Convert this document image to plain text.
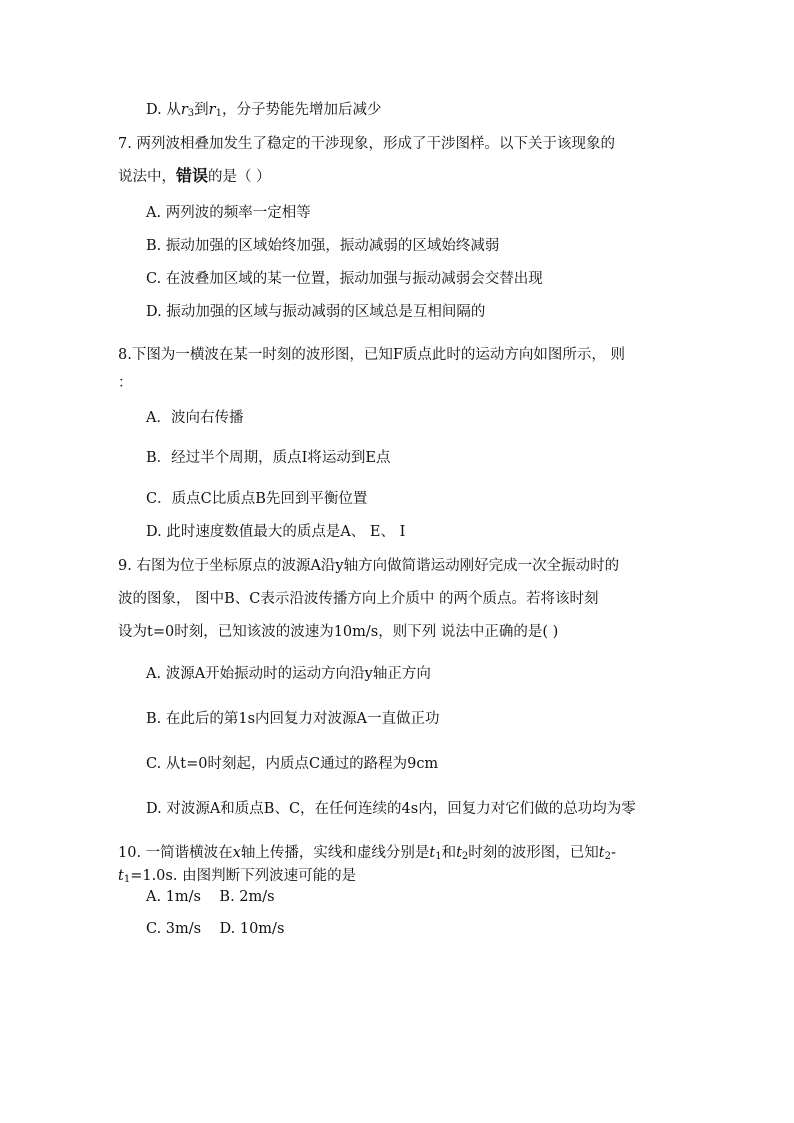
D. 从$r_3$到$r_1$，分子势能先增加后减少
7. 两列波相叠加发生了稳定的干涉现象，形成了干涉图样。以下关于该现象的
说法中，错误的是（ ）
A. 两列波的频率一定相等
B. 振动加强的区域始终加强，振动减弱的区域始终减弱
C. 在波叠加区域的某一位置，振动加强与振动减弱会交替出现
D. 振动加强的区域与振动减弱的区域总是互相间隔的
8.下图为一横波在某一时刻的波形图，已知F质点此时的运动方向如图所示， 则
：
A．波向右传播
B．经过半个周期，质点I将运动到E点
C．质点C比质点B先回到平衡位置
D. 此时速度数值最大的质点是A、 E、 I
9. 右图为位于坐标原点的波源A沿y轴方向做简谐运动刚好完成一次全振动时的
波的图象， 图中B、C表示沿波传播方向上介质中 的两个质点。若将该时刻
设为t=0时刻，已知该波的波速为10m/s，则下列 说法中正确的是( )
A. 波源A开始振动时的运动方向沿y轴正方向
B. 在此后的第1s内回复力对波源A一直做正功
C. 从t=0时刻起，内质点C通过的路程为9cm
D. 对波源A和质点B、C，在任何连续的4s内，回复力对它们做的总功均为零
10. 一简谐横波在x轴上传播，实线和虚线分别是$t_1$和$t_2$时刻的波形图，已知$t_2-$
$t_1=1.0s$. 由图判断下列波速可能的是
A. 1m/s    B. 2m/s
C. 3m/s    D. 10m/s
